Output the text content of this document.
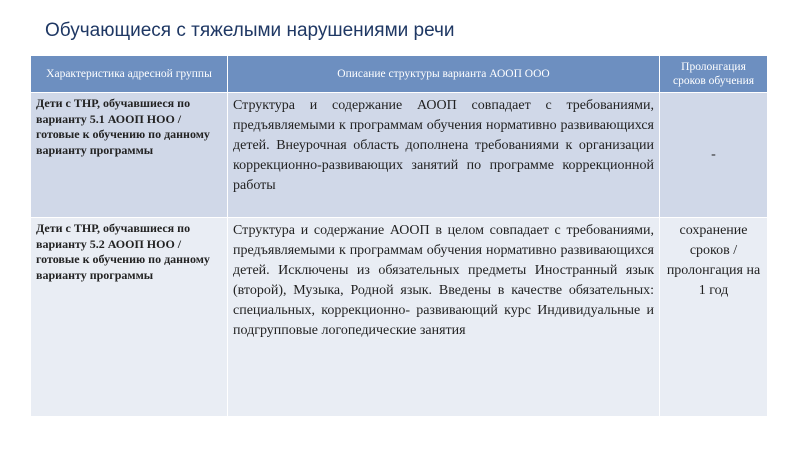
Обучающиеся с тяжелыми нарушениями речи
Характеристика адресной группы	Описание структуры варианта АООП ООО	Пролонгация сроков обучения
Дети с ТНР, обучавшиеся по варианту 5.1 АООП НОО /готовые к обучению по данному варианту программы	Структура и содержание АООП совпадает с требованиями, предъявляемыми к программам обучения нормативно развивающихся детей. Внеурочная область дополнена требованиями к организации коррекционно-развивающих занятий по программе коррекционной работы	-
Дети с ТНР, обучавшиеся по варианту 5.2 АООП НОО /готовые к обучению по данному варианту программы	Структура и содержание АООП в целом совпадает с требованиями, предъявляемыми к программам обучения нормативно развивающихся детей. Исключены из обязательных предметы Иностранный язык (второй), Музыка, Родной язык. Введены в качестве обязательных: специальных, коррекционно- развивающий курс Индивидуальные и подгрупповые логопедические занятия	сохранение сроков / пролонгация на 1 год
